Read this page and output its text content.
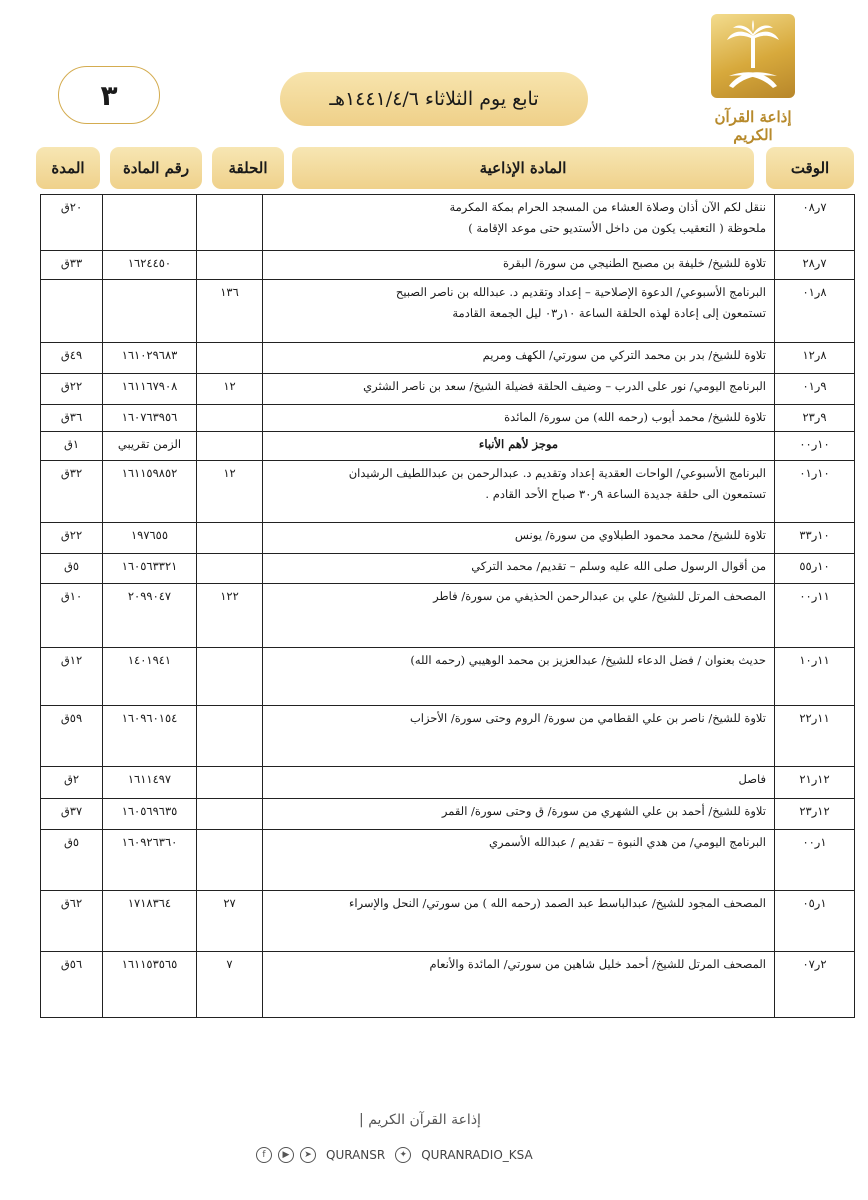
إذاعة القرآن الكريم
٣	تابع يوم الثلاثاء ١٤٤١/٤/٦هـ
الوقت
المادة الإذاعية
الحلقة
رقم المادة
المدة
٧ر٠٨	ننقل لكم الآن أذان وصلاة العشاء من المسجد الحرام بمكة المكرمة
ملحوظة ( التعقيب يكون من داخل الأستديو حتى موعد الإقامة )			٢٠ق
٧ر٢٨	تلاوة للشيخ/ خليفة بن مصبح الطنيجي من سورة/ البقرة		١٦٢٤٤٥٠	٣٣ق
٨ر٠١	البرنامج الأسبوعي/ الدعوة الإصلاحية – إعداد وتقديم د. عبدالله بن ناصر الصبيح
تستمعون إلى إعادة لهذه الحلقة الساعة ١٠ر٠٣ ليل الجمعة القادمة	١٣٦		
٨ر١٢	تلاوة للشيخ/ بدر بن محمد التركي من سورتي/ الكهف ومريم		١٦١٠٢٩٦٨٣	٤٩ق
٩ر٠١	البرنامج اليومي/ نور على الدرب – وضيف الحلقة فضيلة الشيخ/ سعد بن ناصر الشثري	١٢	١٦١١٦٧٩٠٨	٢٢ق
٩ر٢٣	تلاوة للشيخ/ محمد أيوب (رحمه الله) من سورة/ المائدة		١٦٠٧٦٣٩٥٦	٣٦ق
١٠ر٠٠	موجز لأهم الأنباء		الزمن تقريبي	١ق
١٠ر٠١	البرنامج الأسبوعي/ الواحات العقدية إعداد وتقديم د. عبدالرحمن بن عبداللطيف الرشيدان
تستمعون الى حلقة جديدة الساعة ٩ر٣٠ صباح الأحد القادم .	١٢	١٦١١٥٩٨٥٢	٣٢ق
١٠ر٣٣	تلاوة للشيخ/ محمد محمود الطبلاوي من سورة/ يونس		١٩٧٦٥٥	٢٢ق
١٠ر٥٥	من أقوال الرسول صلى الله عليه وسلم – تقديم/ محمد التركي		١٦٠٥٦٣٣٢١	٥ق
١١ر٠٠	المصحف المرتل للشيخ/ علي بن عبدالرحمن الحذيفي من سورة/ فاطر	١٢٢	٢٠٩٩٠٤٧	١٠ق
١١ر١٠	حديث بعنوان / فضل الدعاء للشيخ/ عبدالعزيز بن محمد الوهيبي (رحمه الله)		١٤٠١٩٤١	١٢ق
١١ر٢٢	تلاوة للشيخ/ ناصر بن علي القطامي من سورة/ الروم وحتى سورة/ الأحزاب		١٦٠٩٦٠١٥٤	٥٩ق
١٢ر٢١	فاصل		١٦١١٤٩٧	٢ق
١٢ر٢٣	تلاوة للشيخ/ أحمد بن علي الشهري من سورة/ ق وحتى سورة/ القمر		١٦٠٥٦٩٦٣٥	٣٧ق
١ر٠٠	البرنامج اليومي/ من هدي النبوة – تقديم / عبدالله الأسمري		١٦٠٩٢٦٣٦٠	٥ق
١ر٠٥	المصحف المجود للشيخ/ عبدالباسط عبد الصمد (رحمه الله ) من سورتي/ النحل والإسراء	٢٧	١٧١٨٣٦٤	٦٢ق
٢ر٠٧	المصحف المرتل للشيخ/ أحمد خليل شاهين من سورتي/ المائدة والأنعام	٧	١٦١١٥٣٥٦٥	٥٦ق
إذاعة القرآن الكريم |
f	▶	➤	QURANSR	✦	QURANRADIO_KSA
